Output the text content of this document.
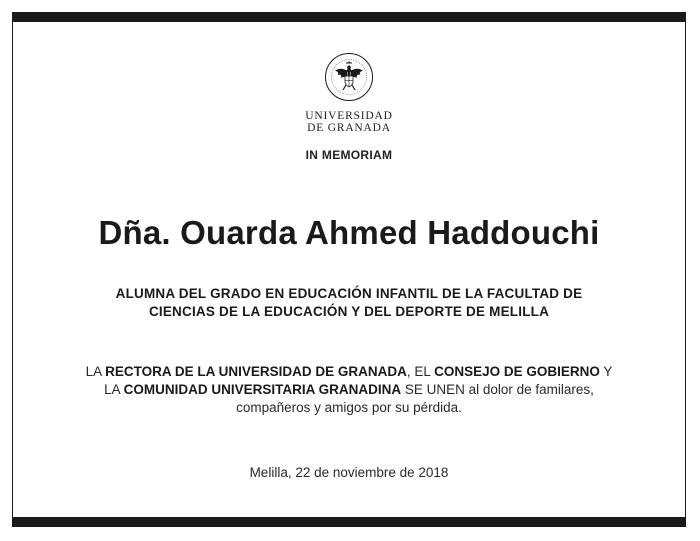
UNIVERSIDAD
DE GRANADA
IN MEMORIAM
Dña. Ouarda Ahmed Haddouchi
ALUMNA DEL GRADO EN EDUCACIÓN INFANTIL DE LA FACULTAD DE
CIENCIAS DE LA EDUCACIÓN Y DEL DEPORTE DE MELILLA
LA RECTORA DE LA UNIVERSIDAD DE GRANADA, EL CONSEJO DE GOBIERNO Y
LA COMUNIDAD UNIVERSITARIA GRANADINA SE UNEN al dolor de familares,
compañeros y amigos por su pérdida.
Melilla, 22 de noviembre de 2018
